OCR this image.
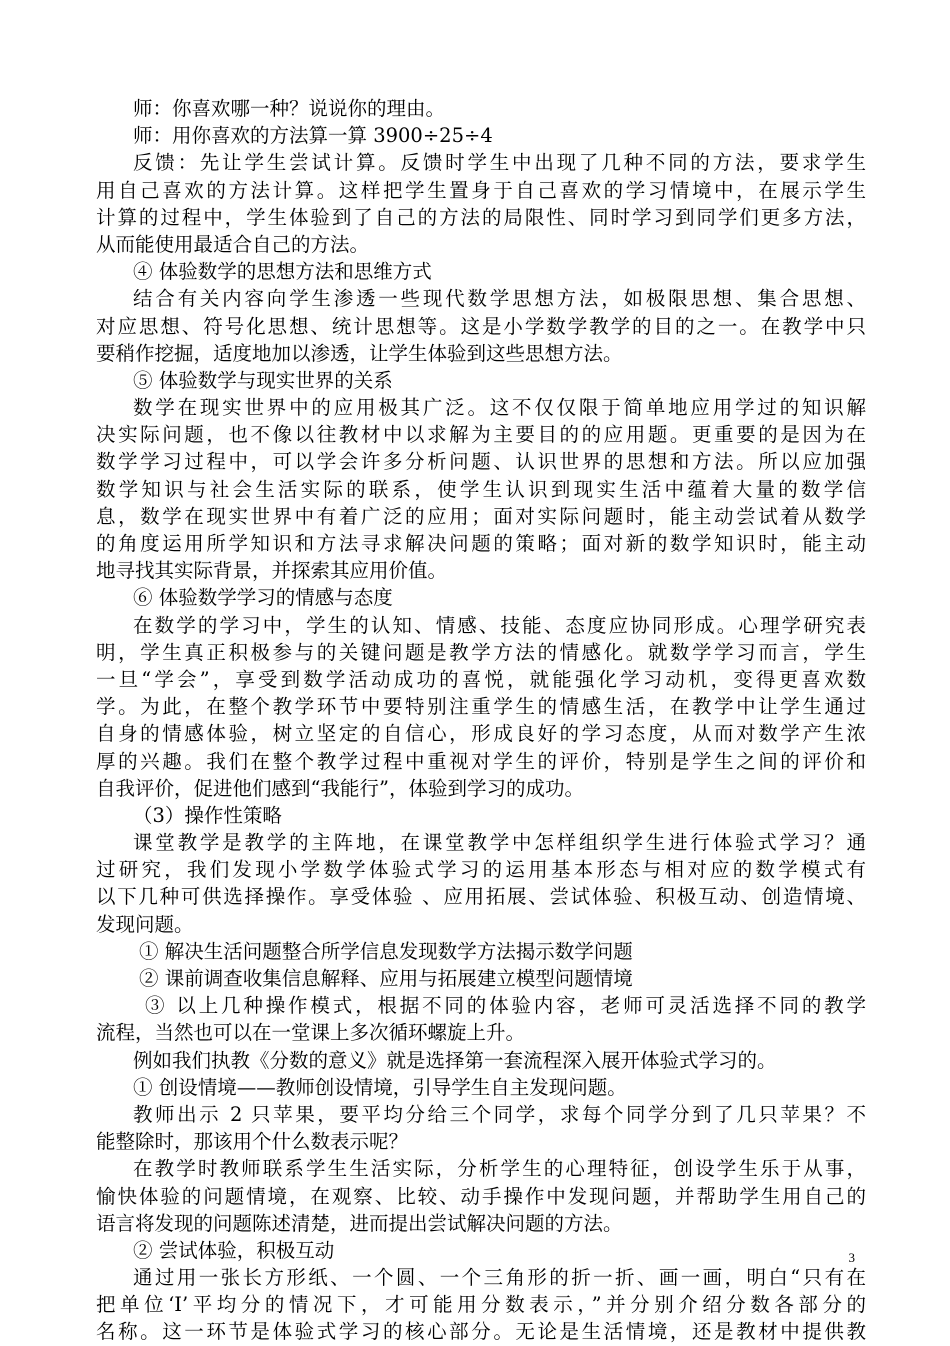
师：你喜欢哪一种？说说你的理由。
师：用你喜欢的方法算一算 3900÷25÷4
反馈：先让学生尝试计算。反馈时学生中出现了几种不同的方法，要求学生
用自己喜欢的方法计算。这样把学生置身于自己喜欢的学习情境中，在展示学生
计算的过程中，学生体验到了自己的方法的局限性、同时学习到同学们更多方法，
从而能使用最适合自己的方法。
④ 体验数学的思想方法和思维方式
结合有关内容向学生渗透一些现代数学思想方法，如极限思想、集合思想、
对应思想、符号化思想、统计思想等。这是小学数学教学的目的之一。在教学中只
要稍作挖掘，适度地加以渗透，让学生体验到这些思想方法。
⑤ 体验数学与现实世界的关系
数学在现实世界中的应用极其广泛。这不仅仅限于简单地应用学过的知识解
决实际问题，也不像以往教材中以求解为主要目的的应用题。更重要的是因为在
数学学习过程中，可以学会许多分析问题、认识世界的思想和方法。所以应加强
数学知识与社会生活实际的联系，使学生认识到现实生活中蕴着大量的数学信
息，数学在现实世界中有着广泛的应用；面对实际问题时，能主动尝试着从数学
的角度运用所学知识和方法寻求解决问题的策略；面对新的数学知识时，能主动
地寻找其实际背景，并探索其应用价值。
⑥ 体验数学学习的情感与态度
在数学的学习中，学生的认知、情感、技能、态度应协同形成。心理学研究表
明，学生真正积极参与的关键问题是教学方法的情感化。就数学学习而言，学生
一旦“学会”，享受到数学活动成功的喜悦，就能强化学习动机，变得更喜欢数
学。为此，在整个教学环节中要特别注重学生的情感生活，在教学中让学生通过
自身的情感体验，树立坚定的自信心，形成良好的学习态度，从而对数学产生浓
厚的兴趣。我们在整个教学过程中重视对学生的评价，特别是学生之间的评价和
自我评价，促进他们感到“我能行”，体验到学习的成功。
（3）操作性策略
课堂教学是教学的主阵地，在课堂教学中怎样组织学生进行体验式学习？通
过研究，我们发现小学数学体验式学习的运用基本形态与相对应的数学模式有
以下几种可供选择操作。享受体验 、应用拓展、尝试体验、积极互动、创造情境、
发现问题。
① 解决生活问题整合所学信息发现数学方法揭示数学问题
② 课前调查收集信息解释、应用与拓展建立模型问题情境
③ 以上几种操作模式，根据不同的体验内容，老师可灵活选择不同的教学
流程，当然也可以在一堂课上多次循环螺旋上升。
例如我们执教《分数的意义》就是选择第一套流程深入展开体验式学习的。
① 创设情境——教师创设情境，引导学生自主发现问题。
教师出示 2 只苹果，要平均分给三个同学，求每个同学分到了几只苹果？不
能整除时，那该用个什么数表示呢？
在教学时教师联系学生生活实际，分析学生的心理特征，创设学生乐于从事，
愉快体验的问题情境，在观察、比较、动手操作中发现问题，并帮助学生用自己的
语言将发现的问题陈述清楚，进而提出尝试解决问题的方法。
② 尝试体验，积极互动
通过用一张长方形纸、一个圆、一个三角形的折一折、画一画，明白“只有在
把单位‘I’平均分的情况下，才可能用分数表示，”并分别介绍分数各部分的
名称。这一环节是体验式学习的核心部分。无论是生活情境，还是教材中提供教
3
